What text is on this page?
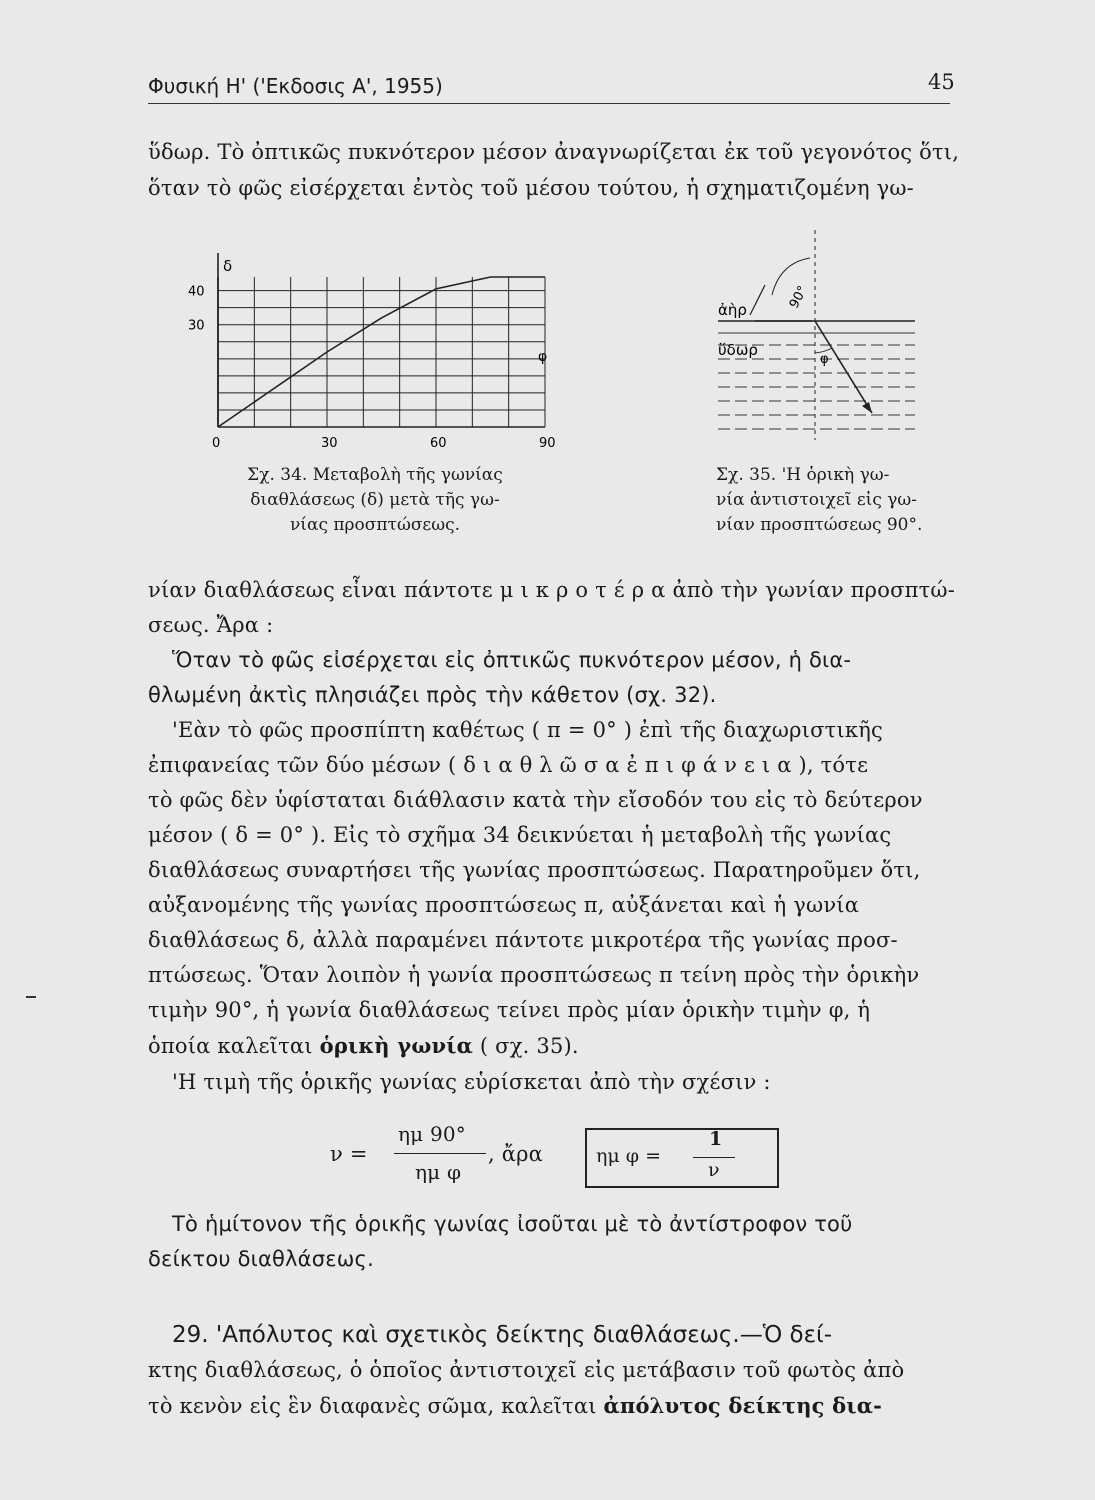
Φυσική Η' ('Εκδοσις Α', 1955)	45
ὕδωρ. Τὸ ὀπτικῶς πυκνότερον μέσον ἀναγνωρίζεται ἐκ τοῦ γεγονότος ὅτι,
ὅταν τὸ φῶς εἰσέρχεται ἐντὸς τοῦ μέσου τούτου, ἡ σχηματιζομένη γω-
0	30	60	90
40
30
δ
φ
Σχ. 34. Μεταβολὴ τῆς γωνίας
διαθλάσεως (δ) μετὰ τῆς γω-
νίας προσπτώσεως.
ἀὴρ
ὕδωρ
90°
φ
Σχ. 35. 'Η ὁρικὴ γω-
νία ἀντιστοιχεῖ εἰς γω-
νίαν προσπτώσεως 90°.
νίαν διαθλάσεως εἶναι πάντοτε μ ι κ ρ ο τ έ ρ α ἀπὸ τὴν γωνίαν προσπτώ-
σεως. Ἄρα :
Ὅταν τὸ φῶς εἰσέρχεται εἰς ὀπτικῶς πυκνότερον μέσον, ἡ δια-
θλωμένη ἀκτὶς πλησιάζει πρὸς τὴν κάθετον (σχ. 32).
'Εὰν τὸ φῶς προσπίπτη καθέτως ( π = 0° ) ἐπὶ τῆς διαχωριστικῆς
ἐπιφανείας τῶν δύο μέσων ( δ ι α θ λ ῶ σ α ἐ π ι φ ά ν ε ι α ), τότε
τὸ φῶς δὲν ὑφίσταται διάθλασιν κατὰ τὴν εἴσοδόν του εἰς τὸ δεύτερον
μέσον ( δ = 0° ). Εἰς τὸ σχῆμα 34 δεικνύεται ἡ μεταβολὴ τῆς γωνίας
διαθλάσεως συναρτήσει τῆς γωνίας προσπτώσεως. Παρατηροῦμεν ὅτι,
αὐξανομένης τῆς γωνίας προσπτώσεως π, αὐξάνεται καὶ ἡ γωνία
διαθλάσεως δ, ἀλλὰ παραμένει πάντοτε μικροτέρα τῆς γωνίας προσ-
πτώσεως. Ὅταν λοιπὸν ἡ γωνία προσπτώσεως π τείνη πρὸς τὴν ὁρικὴν
τιμὴν 90°, ἡ γωνία διαθλάσεως τείνει πρὸς μίαν ὁρικὴν τιμὴν φ, ἡ
ὁποία καλεῖται ὁρικὴ γωνία ( σχ. 35).
'Η τιμὴ τῆς ὁρικῆς γωνίας εὑρίσκεται ἀπὸ τὴν σχέσιν :
ν =
ημ 90°
ημ φ
, ἄρα	ημ φ =
1
ν
Τὸ ἡμίτονον τῆς ὁρικῆς γωνίας ἰσοῦται μὲ τὸ ἀντίστροφον τοῦ
δείκτου διαθλάσεως.
29. 'Απόλυτος καὶ σχετικὸς δείκτης διαθλάσεως.—Ὁ δεί-
κτης διαθλάσεως, ὁ ὁποῖος ἀντιστοιχεῖ εἰς μετάβασιν τοῦ φωτὸς ἀπὸ
τὸ κενὸν εἰς ἓν διαφανὲς σῶμα, καλεῖται ἀπόλυτος δείκτης δια-
